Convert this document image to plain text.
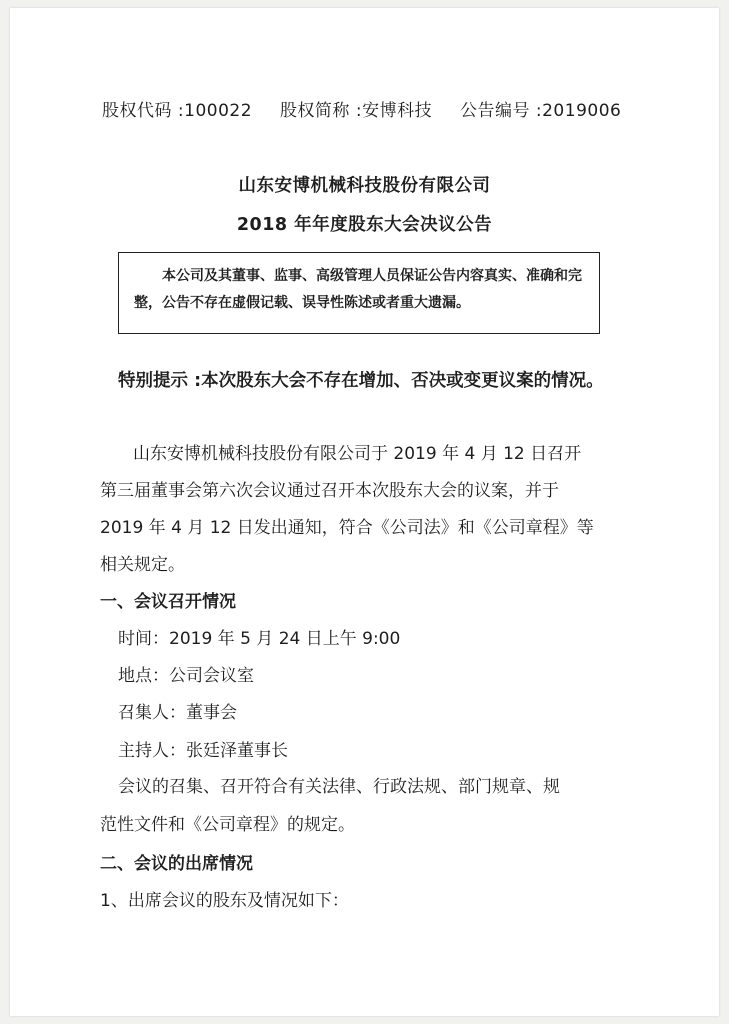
股权代码 :100022 股权简称 :安博科技 公告编号 :2019006
山东安博机械科技股份有限公司
2018 年年度股东大会决议公告
本公司及其董事、监事、高级管理人员保证公告内容真实、准确和完整，公告不存在虚假记载、误导性陈述或者重大遗漏。
特别提示 :本次股东大会不存在增加、否决或变更议案的情况。
山东安博机械科技股份有限公司于 2019 年 4 月 12 日召开
第三届董事会第六次会议通过召开本次股东大会的议案，并于
2019 年 4 月 12 日发出通知，符合《公司法》和《公司章程》等
相关规定。
一、会议召开情况
时间：2019 年 5 月 24 日上午 9:00
地点：公司会议室
召集人：董事会
主持人：张廷泽董事长
会议的召集、召开符合有关法律、行政法规、部门规章、规
范性文件和《公司章程》的规定。
二、会议的出席情况
1、出席会议的股东及情况如下：
